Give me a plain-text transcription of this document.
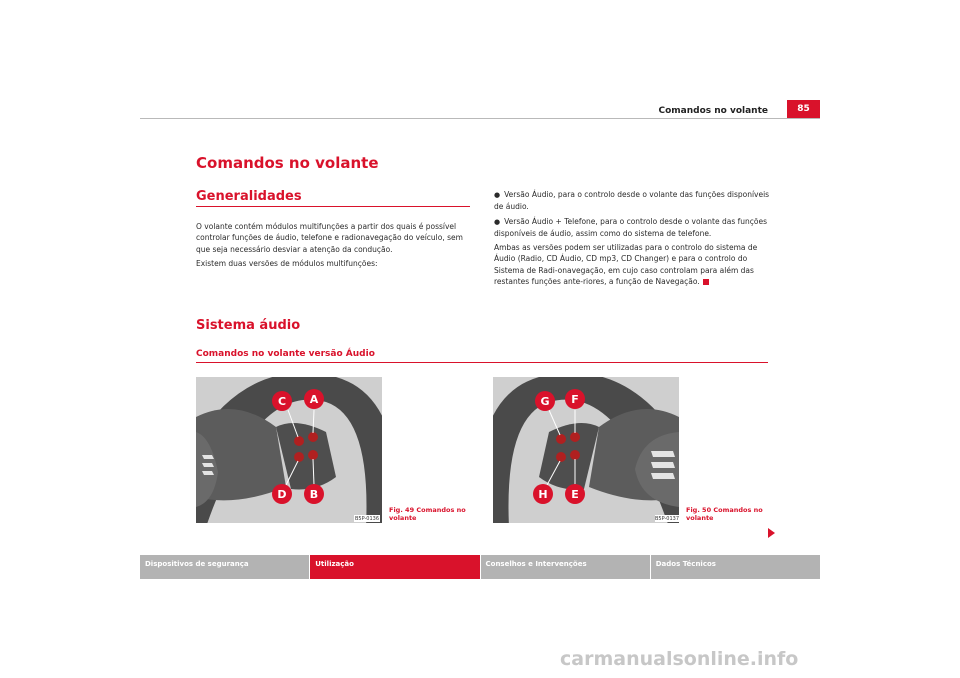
Comandos no volante	85
Comandos no volante
Generalidades

O volante contém módulos multifunções a partir dos quais é possível controlar funções de áudio, telefone e radionavegação do veículo, sem que seja necessário desviar a atenção da condução.

Existem duas versões de módulos multifunções:

● Versão Áudio, para o controlo desde o volante das funções disponíveis de áudio.

● Versão Áudio + Telefone, para o controlo desde o volante das funções disponíveis de áudio, assim como do sistema de telefone.

Ambas as versões podem ser utilizadas para o controlo do sistema de Áudio (Radio, CD Áudio, CD mp3, CD Changer) e para o controlo do Sistema de Radi-onavegação, em cujo caso controlam para além das restantes funções ante-riores, a função de Navegação.

Sistema áudio
Comandos no volante versão Áudio
C A
D B
B5P-0136
Fig. 49 Comandos no volante
G F
H E
B5P-0137
Fig. 50 Comandos no volante
Dispositivos de segurança	Utilização	Conselhos e Intervenções	Dados Técnicos
carmanualsonline.info
